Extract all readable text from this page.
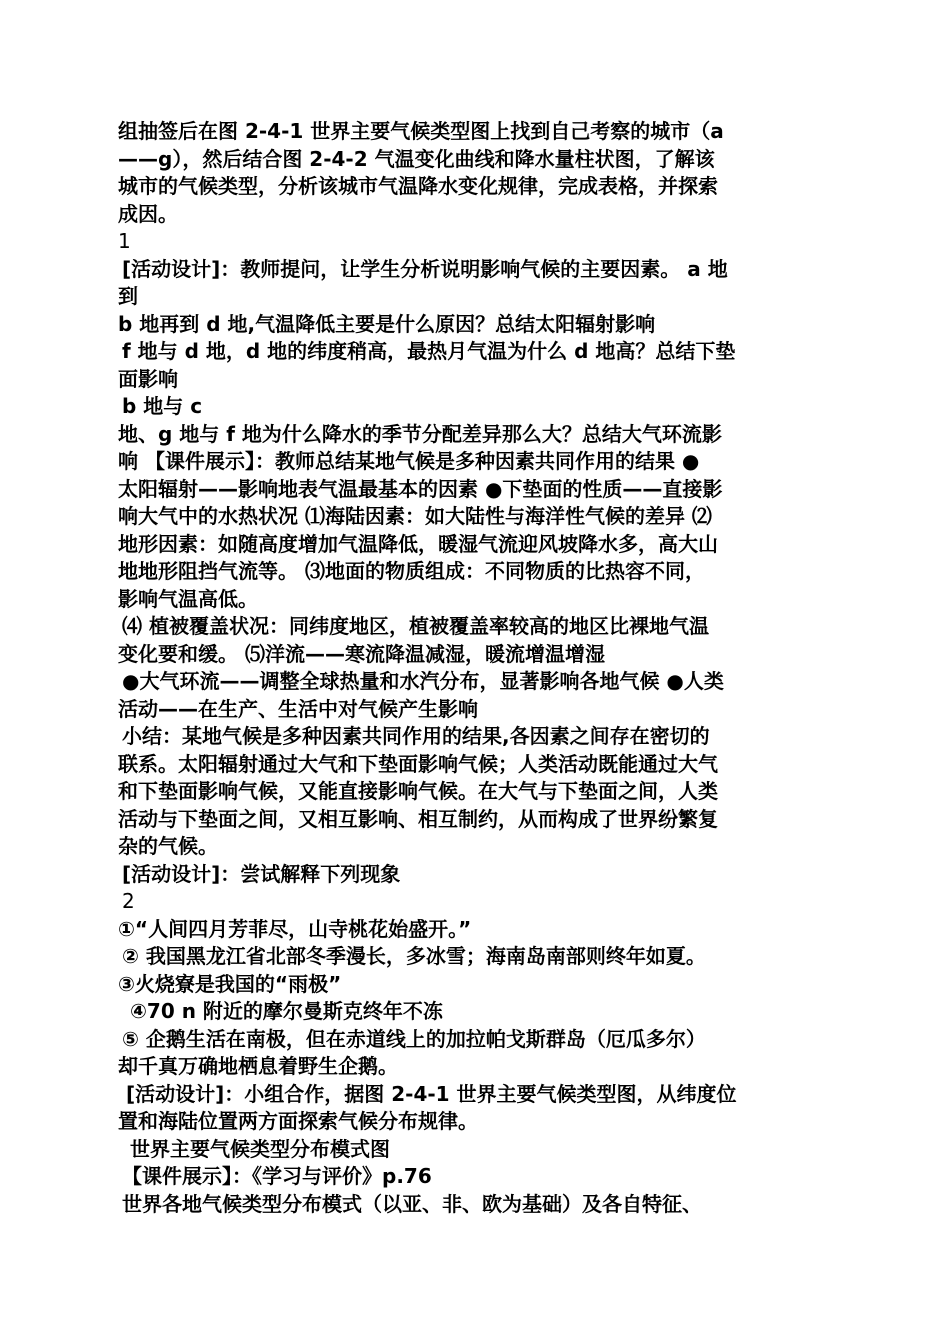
组抽签后在图 2-4-1 世界主要气候类型图上找到自己考察的城市（a
——g），然后结合图 2-4-2 气温变化曲线和降水量柱状图，了解该
城市的气候类型，分析该城市气温降水变化规律，完成表格，并探索
成因。
1
[活动设计]：教师提问，让学生分析说明影响气候的主要因素。 a 地
到
b 地再到 d 地,气温降低主要是什么原因？总结太阳辐射影响
f 地与 d 地，d 地的纬度稍高，最热月气温为什么 d 地高？总结下垫
面影响
b 地与 c
地、g 地与 f 地为什么降水的季节分配差异那么大？总结大气环流影
响 【课件展示】：教师总结某地气候是多种因素共同作用的结果 ●
太阳辐射——影响地表气温最基本的因素 ●下垫面的性质——直接影
响大气中的水热状况 ⑴海陆因素：如大陆性与海洋性气候的差异 ⑵
地形因素：如随高度增加气温降低，暖湿气流迎风坡降水多，高大山
地地形阻挡气流等。 ⑶地面的物质组成：不同物质的比热容不同，
影响气温高低。
⑷ 植被覆盖状况：同纬度地区，植被覆盖率较高的地区比裸地气温
变化要和缓。 ⑸洋流——寒流降温减湿，暖流增温增湿
●大气环流——调整全球热量和水汽分布，显著影响各地气候 ●人类
活动——在生产、生活中对气候产生影响
小结：某地气候是多种因素共同作用的结果,各因素之间存在密切的
联系。太阳辐射通过大气和下垫面影响气候；人类活动既能通过大气
和下垫面影响气候，又能直接影响气候。在大气与下垫面之间，人类
活动与下垫面之间，又相互影响、相互制约，从而构成了世界纷繁复
杂的气候。
[活动设计]：尝试解释下列现象
2
①“人间四月芳菲尽，山寺桃花始盛开。”
② 我国黑龙江省北部冬季漫长，多冰雪；海南岛南部则终年如夏。
③火烧寮是我国的“雨极”
④70 n 附近的摩尔曼斯克终年不冻
⑤ 企鹅生活在南极，但在赤道线上的加拉帕戈斯群岛（厄瓜多尔）
却千真万确地栖息着野生企鹅。
[活动设计]：小组合作，据图 2-4-1 世界主要气候类型图，从纬度位
置和海陆位置两方面探索气候分布规律。
世界主要气候类型分布模式图
【课件展示】：《学习与评价》p.76
世界各地气候类型分布模式（以亚、非、欧为基础）及各自特征、
